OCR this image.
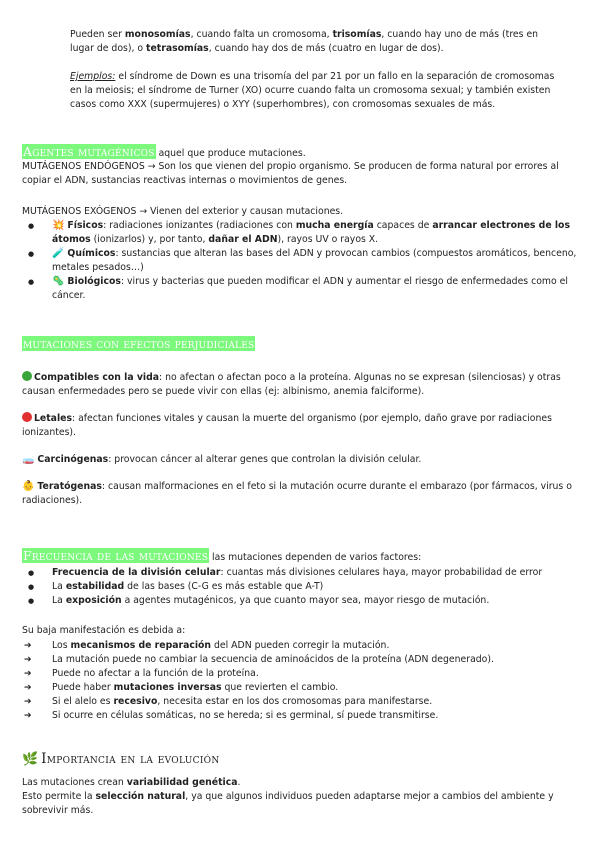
Pueden ser monosomías, cuando falta un cromosoma, trisomías, cuando hay uno de más (tres en lugar de dos), o tetrasomías, cuando hay dos de más (cuatro en lugar de dos).

Ejemplos: el síndrome de Down es una trisomía del par 21 por un fallo en la separación de cromosomas en la meiosis; el síndrome de Turner (XO) ocurre cuando falta un cromosoma sexual; y también existen casos como XXX (supermujeres) o XYY (superhombres), con cromosomas sexuales de más.

Agentes mutagénicos aquel que produce mutaciones.

MUTÁGENOS ENDÓGENOS → Son los que vienen del propio organismo. Se producen de forma natural por errores al copiar el ADN, sustancias reactivas internas o movimientos de genes.

MUTÁGENOS EXÓGENOS → Vienen del exterior y causan mutaciones.

● 💥 Físicos: radiaciones ionizantes (radiaciones con mucha energía capaces de arrancar electrones de los átomos (ionizarlos) y, por tanto, dañar el ADN), rayos UV o rayos X.
● 🧪 Químicos: sustancias que alteran las bases del ADN y provocan cambios (compuestos aromáticos, benceno, metales pesados…)
● 🦠 Biológicos: virus y bacterias que pueden modificar el ADN y aumentar el riesgo de enfermedades como el cáncer.
mutaciones con efectos perjudiciales

Compatibles con la vida: no afectan o afectan poco a la proteína. Algunas no se expresan (silenciosas) y otras causan enfermedades pero se puede vivir con ellas (ej: albinismo, anemia falciforme).

Letales: afectan funciones vitales y causan la muerte del organismo (por ejemplo, daño grave por radiaciones ionizantes).

🧫 Carcinógenas: provocan cáncer al alterar genes que controlan la división celular.

👶 Teratógenas: causan malformaciones en el feto si la mutación ocurre durante el embarazo (por fármacos, virus o radiaciones).

Frecuencia de las mutaciones las mutaciones dependen de varios factores:
● Frecuencia de la división celular: cuantas más divisiones celulares haya, mayor probabilidad de error
● La estabilidad de las bases (C-G es más estable que A-T)
● La exposición a agentes mutagénicos, ya que cuanto mayor sea, mayor riesgo de mutación.

Su baja manifestación es debida a:

➔ Los mecanismos de reparación del ADN pueden corregir la mutación.
➔ La mutación puede no cambiar la secuencia de aminoácidos de la proteína (ADN degenerado).
➔ Puede no afectar a la función de la proteína.
➔ Puede haber mutaciones inversas que revierten el cambio.
➔ Si el alelo es recesivo, necesita estar en los dos cromosomas para manifestarse.
➔ Si ocurre en células somáticas, no se hereda; si es germinal, sí puede transmitirse.
🌿 Importancia en la evolución

Las mutaciones crean variabilidad genética.

Esto permite la selección natural, ya que algunos individuos pueden adaptarse mejor a cambios del ambiente y sobrevivir más.
